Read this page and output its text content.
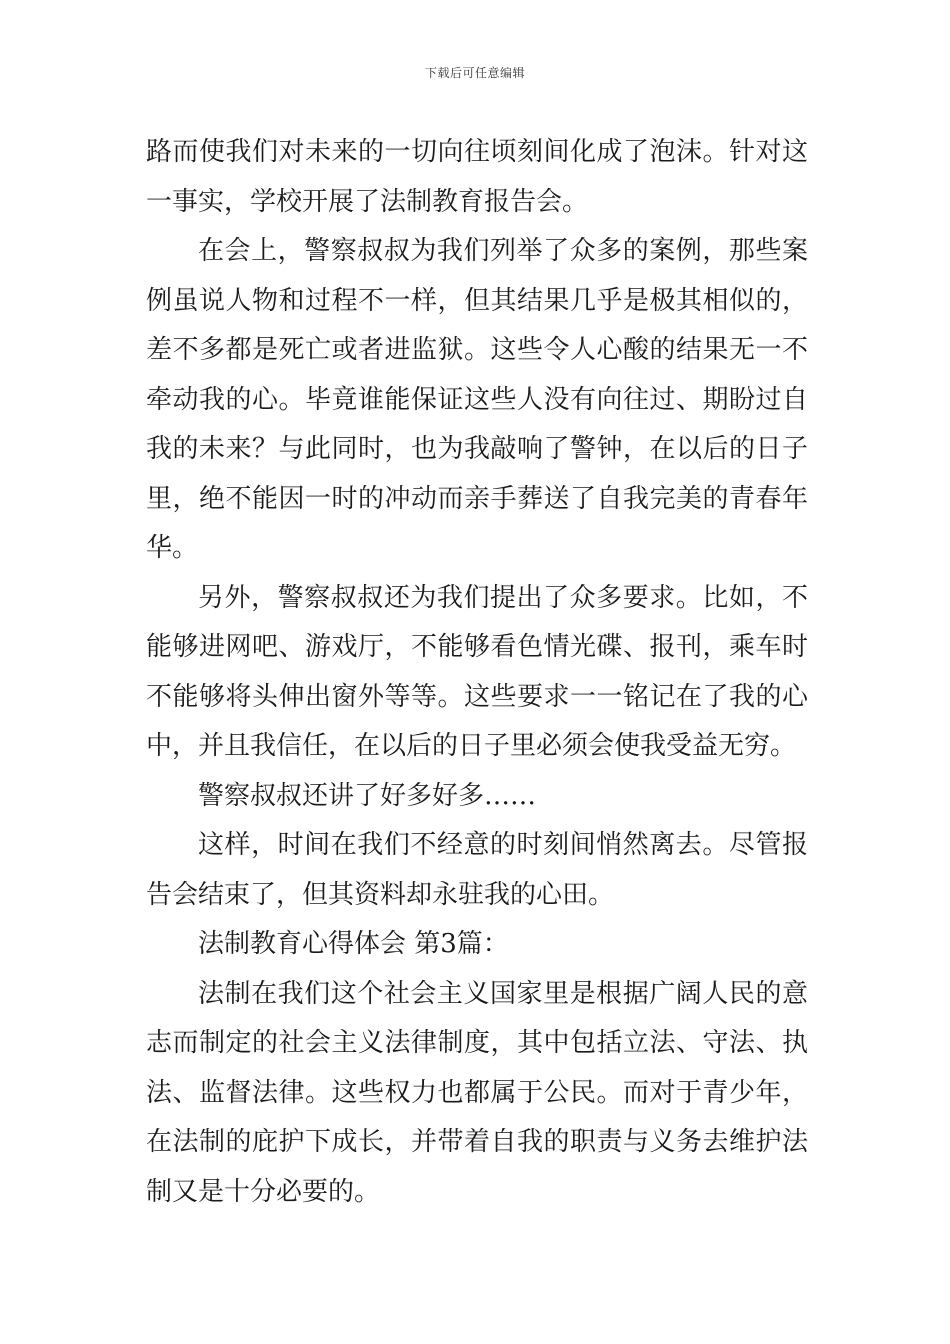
下载后可任意编辑

路而使我们对未来的一切向往顷刻间化成了泡沫。针对这一事实，学校开展了法制教育报告会。

在会上，警察叔叔为我们列举了众多的案例，那些案例虽说人物和过程不一样，但其结果几乎是极其相似的，差不多都是死亡或者进监狱。这些令人心酸的结果无一不牵动我的心。毕竟谁能保证这些人没有向往过、期盼过自我的未来？与此同时，也为我敲响了警钟，在以后的日子里，绝不能因一时的冲动而亲手葬送了自我完美的青春年华。

另外，警察叔叔还为我们提出了众多要求。比如，不能够进网吧、游戏厅，不能够看色情光碟、报刊，乘车时不能够将头伸出窗外等等。这些要求一一铭记在了我的心中，并且我信任，在以后的日子里必须会使我受益无穷。

警察叔叔还讲了好多好多……

这样，时间在我们不经意的时刻间悄然离去。尽管报告会结束了，但其资料却永驻我的心田。

法制教育心得体会 第3篇：

法制在我们这个社会主义国家里是根据广阔人民的意志而制定的社会主义法律制度，其中包括立法、守法、执法、监督法律。这些权力也都属于公民。而对于青少年，在法制的庇护下成长，并带着自我的职责与义务去维护法制又是十分必要的。
